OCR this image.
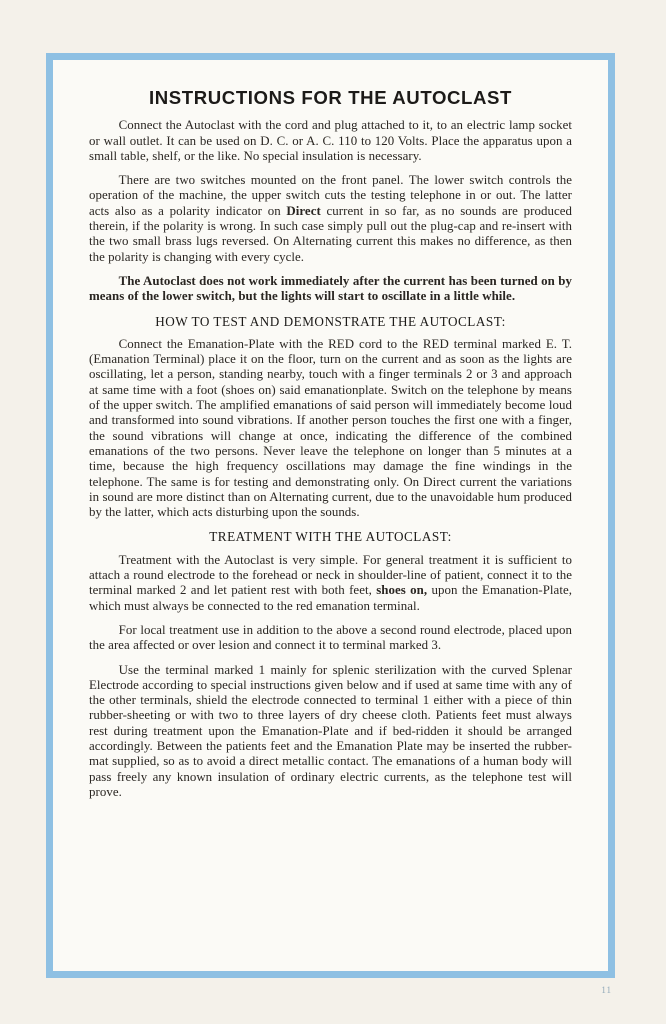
INSTRUCTIONS FOR THE AUTOCLAST

Connect the Autoclast with the cord and plug attached to it, to an electric lamp socket or wall outlet. It can be used on D. C. or A. C. 110 to 120 Volts. Place the apparatus upon a small table, shelf, or the like. No special insulation is necessary.

There are two switches mounted on the front panel. The lower switch controls the operation of the machine, the upper switch cuts the testing telephone in or out. The latter acts also as a polarity indicator on Direct current in so far, as no sounds are produced therein, if the polarity is wrong. In such case simply pull out the plug-cap and re-insert with the two small brass lugs reversed. On Alternating current this makes no difference, as then the polarity is changing with every cycle.

The Autoclast does not work immediately after the current has been turned on by means of the lower switch, but the lights will start to oscillate in a little while.

HOW TO TEST AND DEMONSTRATE THE AUTOCLAST:

Connect the Emanation-Plate with the RED cord to the RED terminal marked E. T. (Emanation Terminal) place it on the floor, turn on the current and as soon as the lights are oscillating, let a person, standing nearby, touch with a finger terminals 2 or 3 and approach at same time with a foot (shoes on) said emanationplate. Switch on the telephone by means of the upper switch. The amplified emanations of said person will immediately become loud and transformed into sound vibrations. If another person touches the first one with a finger, the sound vibrations will change at once, indicating the difference of the combined emanations of the two persons. Never leave the telephone on longer than 5 minutes at a time, because the high frequency oscillations may damage the fine windings in the telephone. The same is for testing and demonstrating only. On Direct current the variations in sound are more distinct than on Alternating current, due to the unavoidable hum produced by the latter, which acts disturbing upon the sounds.

TREATMENT WITH THE AUTOCLAST:

Treatment with the Autoclast is very simple. For general treatment it is sufficient to attach a round electrode to the forehead or neck in shoulder-line of patient, connect it to the terminal marked 2 and let patient rest with both feet, shoes on, upon the Emanation-Plate, which must always be connected to the red emanation terminal.

For local treatment use in addition to the above a second round electrode, placed upon the area affected or over lesion and connect it to terminal marked 3.

Use the terminal marked 1 mainly for splenic sterilization with the curved Splenar Electrode according to special instructions given below and if used at same time with any of the other terminals, shield the electrode connected to terminal 1 either with a piece of thin rubber-sheeting or with two to three layers of dry cheese cloth. Patients feet must always rest during treatment upon the Emanation-Plate and if bed-ridden it should be arranged accordingly. Between the patients feet and the Emanation Plate may be inserted the rubber-mat supplied, so as to avoid a direct metallic contact. The emanations of a human body will pass freely any known insulation of ordinary electric currents, as the telephone test will prove.

11
